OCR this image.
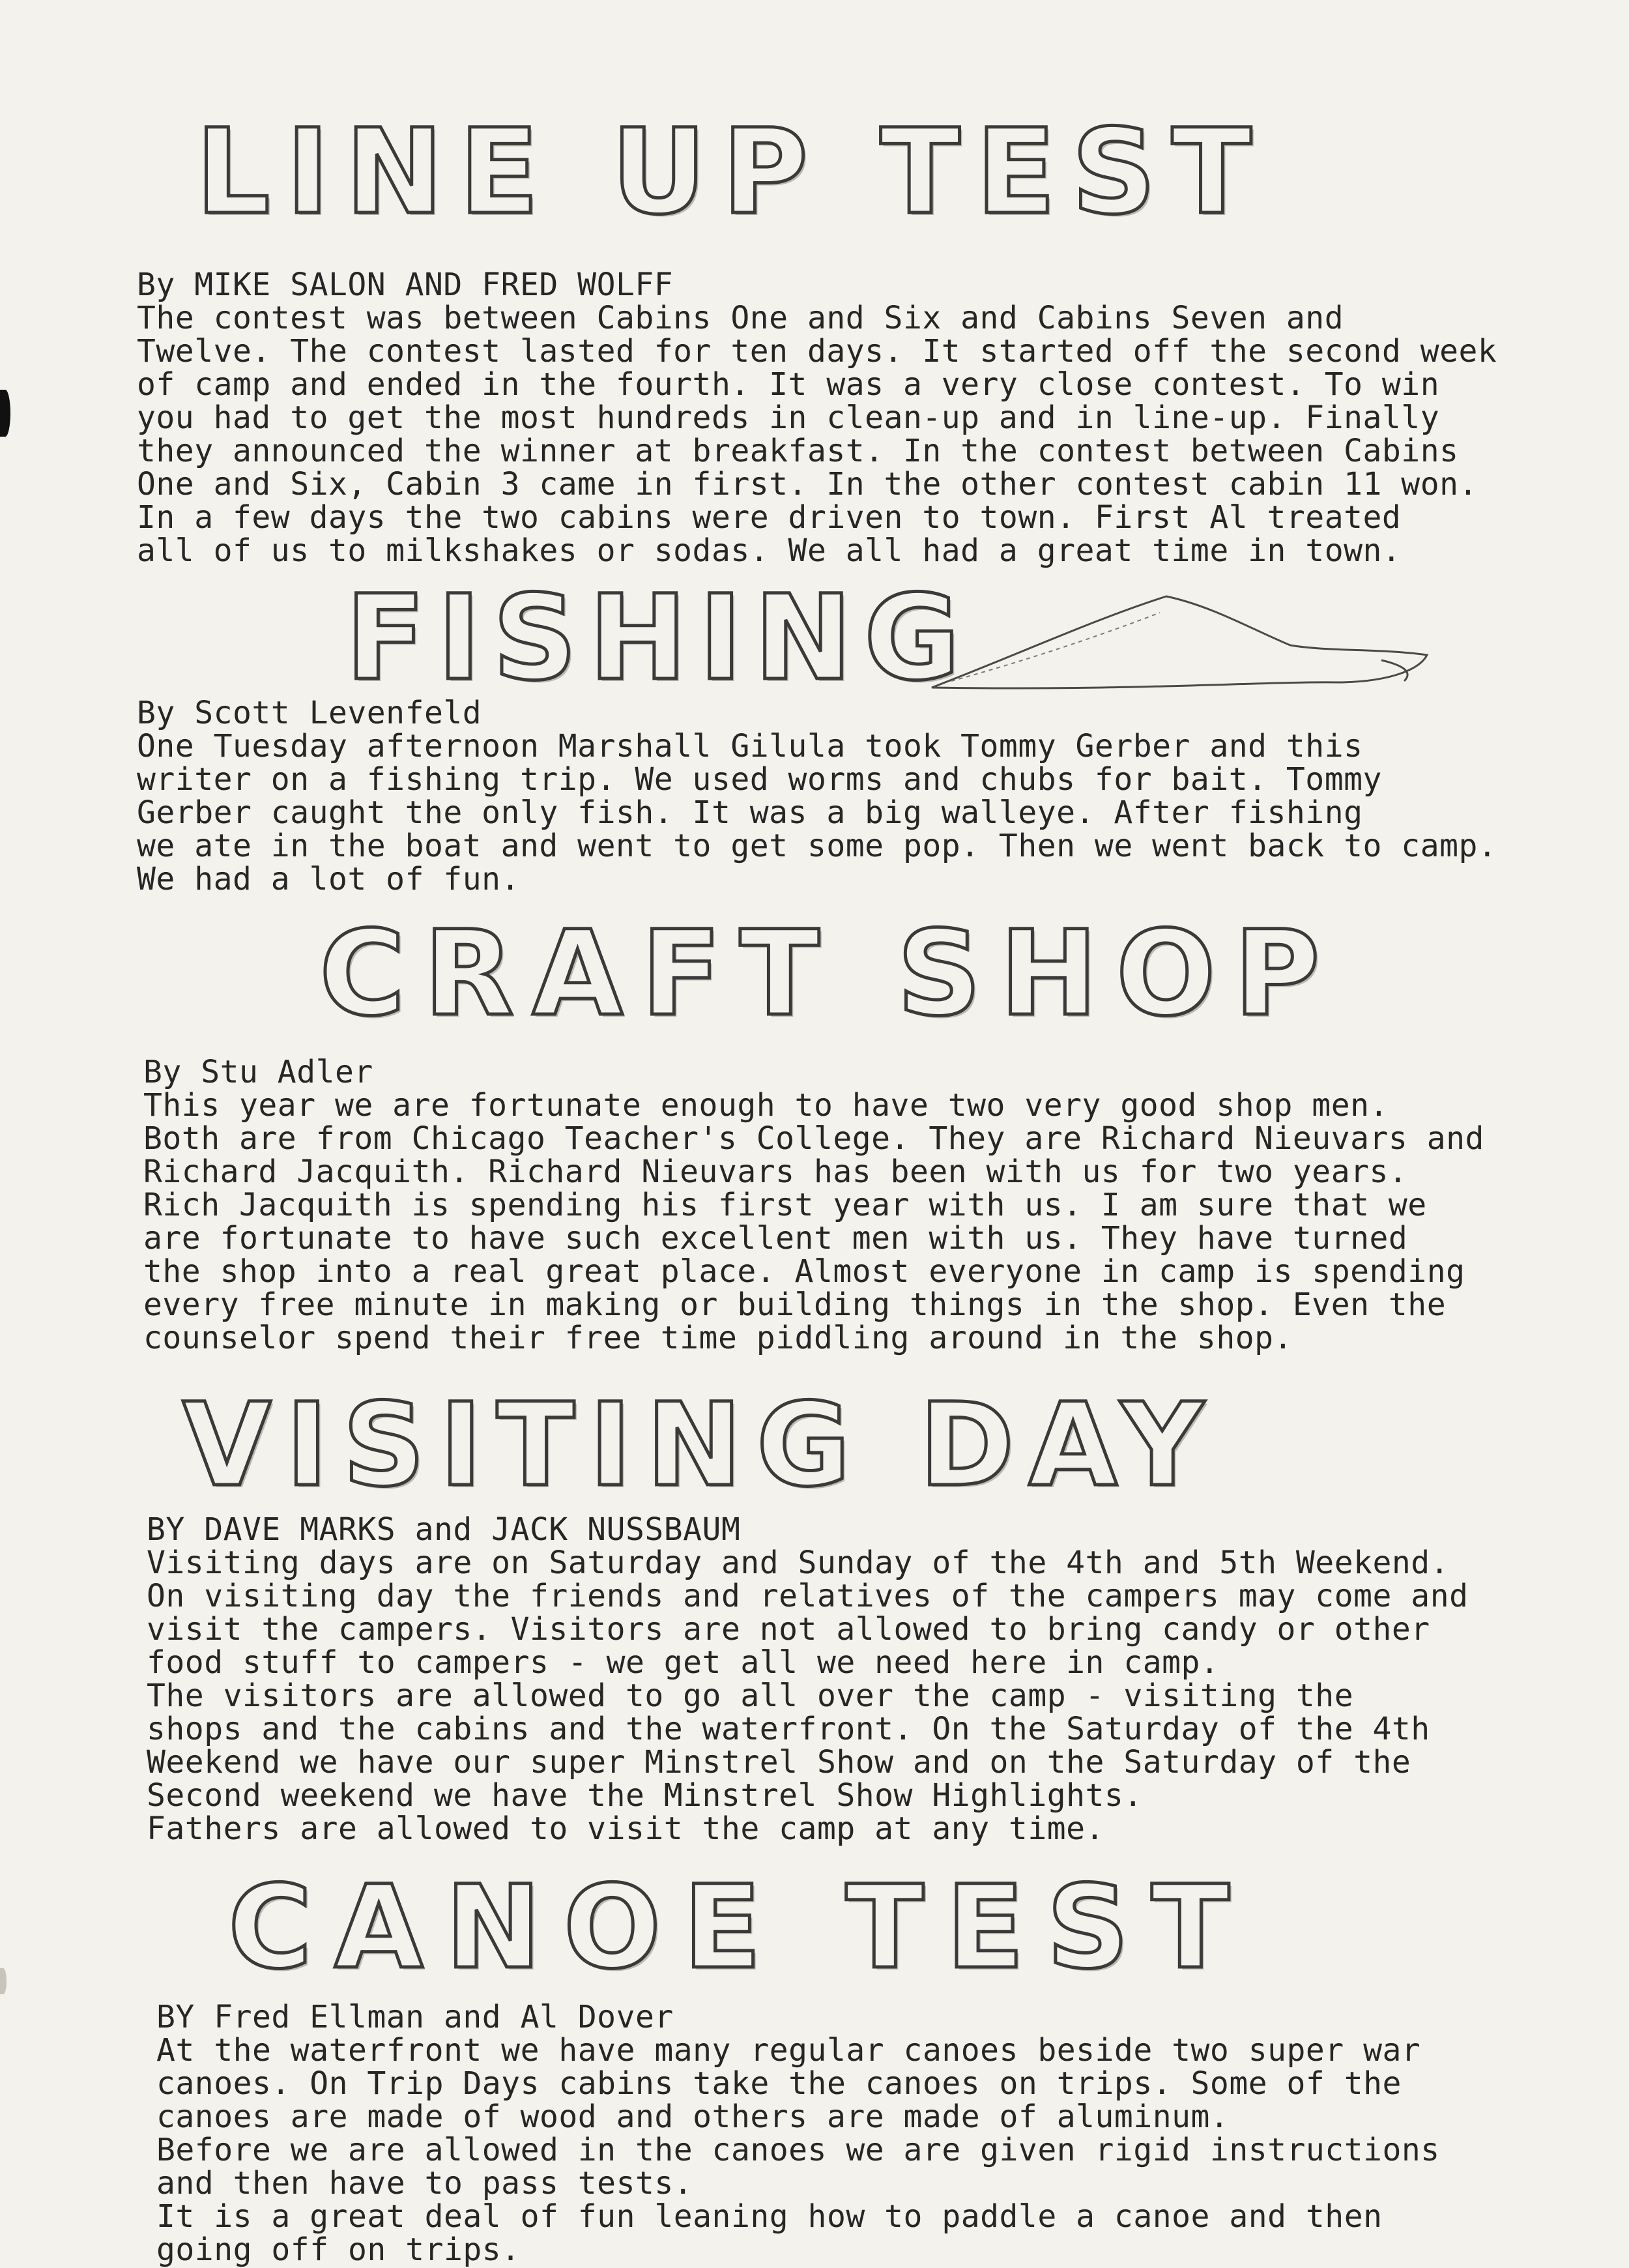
LINE UP TEST
By MIKE SALON AND FRED WOLFF

The contest was between Cabins One and Six and Cabins Seven and

Twelve. The contest lasted for ten days. It started off the second week

of camp and ended in the fourth. It was a very close contest. To win

you had to get the most hundreds in clean-up and in line-up. Finally

they announced the winner at breakfast. In the contest between Cabins

One and Six, Cabin 3 came in first. In the other contest cabin 11 won.

In a few days the two cabins were driven to town. First Al treated

all of us to milkshakes or sodas. We all had a great time in town.

FISHING
By Scott Levenfeld

One Tuesday afternoon Marshall Gilula took Tommy Gerber and this

writer on a fishing trip. We used worms and chubs for bait. Tommy

Gerber caught the only fish. It was a big walleye. After fishing

we ate in the boat and went to get some pop. Then we went back to camp.

We had a lot of fun.

CRAFT SHOP
By Stu Adler

This year we are fortunate enough to have two very good shop men.

Both are from Chicago Teacher's College. They are Richard Nieuvars and

Richard Jacquith. Richard Nieuvars has been with us for two years.

Rich Jacquith is spending his first year with us. I am sure that we

are fortunate to have such excellent men with us. They have turned

the shop into a real great place. Almost everyone in camp is spending

every free minute in making or building things in the shop. Even the

counselor spend their free time piddling around in the shop.

VISITING DAY
BY DAVE MARKS and JACK NUSSBAUM

Visiting days are on Saturday and Sunday of the 4th and 5th Weekend.

On visiting day the friends and relatives of the campers may come and

visit the campers. Visitors are not allowed to bring candy or other

food stuff to campers - we get all we need here in camp.

The visitors are allowed to go all over the camp - visiting the

shops and the cabins and the waterfront. On the Saturday of the 4th

Weekend we have our super Minstrel Show and on the Saturday of the

Second weekend we have the Minstrel Show Highlights.

Fathers are allowed to visit the camp at any time.

CANOE TEST
BY Fred Ellman and Al Dover

At the waterfront we have many regular canoes beside two super war

canoes. On Trip Days cabins take the canoes on trips. Some of the

canoes are made of wood and others are made of aluminum.

Before we are allowed in the canoes we are given rigid instructions

and then have to pass tests.

It is a great deal of fun leaning how to paddle a canoe and then

going off on trips.
